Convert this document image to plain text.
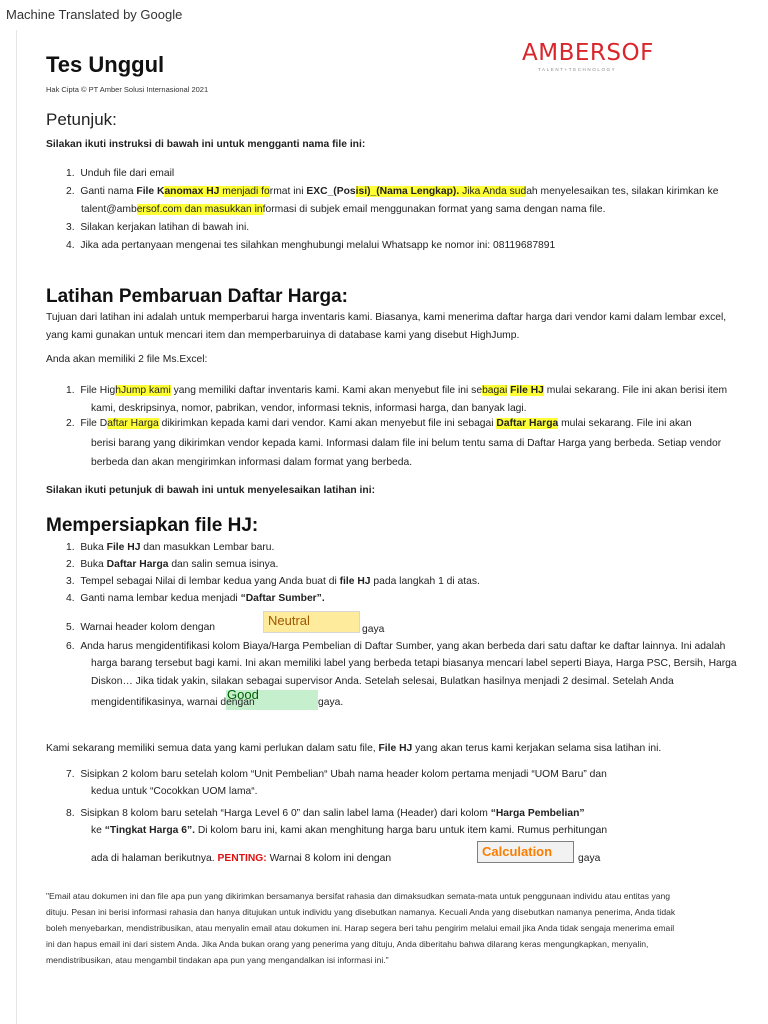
Machine Translated by Google
Tes Unggul
Hak Cipta © PT Amber Solusi Internasional 2021
AMBERSOF
TALENT+TECHNOLOGY
Petunjuk:
Silakan ikuti instruksi di bawah ini untuk mengganti nama file ini:
1.  Unduh file dari email
2.  Ganti nama File Kanomax HJ menjadi format ini EXC_(Posisi)_(Nama Lengkap). Jika Anda sudah menyelesaikan tes, silakan kirimkan ke
talent@ambersof.com dan masukkan informasi di subjek email menggunakan format yang sama dengan nama file.
3.  Silakan kerjakan latihan di bawah ini.
4.  Jika ada pertanyaan mengenai tes silahkan menghubungi melalui Whatsapp ke nomor ini: 08119687891
Latihan Pembaruan Daftar Harga:
Tujuan dari latihan ini adalah untuk memperbarui harga inventaris kami. Biasanya, kami menerima daftar harga dari vendor kami dalam lembar excel,
yang kami gunakan untuk mencari item dan memperbaruinya di database kami yang disebut HighJump.
Anda akan memiliki 2 file Ms.Excel:
1.  File HighJump kami yang memiliki daftar inventaris kami. Kami akan menyebut file ini sebagai File HJ mulai sekarang. File ini akan berisi item
kami, deskripsinya, nomor, pabrikan, vendor, informasi teknis, informasi harga, dan banyak lagi.
2.  File Daftar Harga dikirimkan kepada kami dari vendor. Kami akan menyebut file ini sebagai Daftar Harga mulai sekarang. File ini akan
berisi barang yang dikirimkan vendor kepada kami. Informasi dalam file ini belum tentu sama di Daftar Harga yang berbeda. Setiap vendor
berbeda dan akan mengirimkan informasi dalam format yang berbeda.
Silakan ikuti petunjuk di bawah ini untuk menyelesaikan latihan ini:
Mempersiapkan file HJ:
1.  Buka File HJ dan masukkan Lembar baru.
2.  Buka Daftar Harga dan salin semua isinya.
3.  Tempel sebagai Nilai di lembar kedua yang Anda buat di file HJ pada langkah 1 di atas.
4.  Ganti nama lembar kedua menjadi “Daftar Sumber”.
5.  Warnai header kolom dengan	Neutral
gaya
6.  Anda harus mengidentifikasi kolom Biaya/Harga Pembelian di Daftar Sumber, yang akan berbeda dari satu daftar ke daftar lainnya. Ini adalah
harga barang tersebut bagi kami. Ini akan memiliki label yang berbeda tetapi biasanya mencari label seperti Biaya, Harga PSC, Bersih, Harga
Diskon… Jika tidak yakin, silakan sebagai supervisor Anda. Setelah selesai, Bulatkan hasilnya menjadi 2 desimal. Setelah Anda
Good
mengidentifikasinya, warnai dengan	gaya.
Kami sekarang memiliki semua data yang kami perlukan dalam satu file, File HJ yang akan terus kami kerjakan selama sisa latihan ini.
7.  Sisipkan 2 kolom baru setelah kolom “Unit Pembelian“ Ubah nama header kolom pertama menjadi “UOM Baru” dan
kedua untuk “Cocokkan UOM lama“.
8.  Sisipkan 8 kolom baru setelah “Harga Level 6 0” dan salin label lama (Header) dari kolom “Harga Pembelian”
ke “Tingkat Harga 6”. Di kolom baru ini, kami akan menghitung harga baru untuk item kami. Rumus perhitungan
ada di halaman berikutnya. PENTING: Warnai 8 kolom ini dengan	Calculation	gaya
"Email atau dokumen ini dan file apa pun yang dikirimkan bersamanya bersifat rahasia dan dimaksudkan semata-mata untuk penggunaan individu atau entitas yang
dituju. Pesan ini berisi informasi rahasia dan hanya ditujukan untuk individu yang disebutkan namanya. Kecuali Anda yang disebutkan namanya penerima, Anda tidak
boleh menyebarkan, mendistribusikan, atau menyalin email atau dokumen ini. Harap segera beri tahu pengirim melalui email jika Anda tidak sengaja menerima email
ini dan hapus email ini dari sistem Anda. Jika Anda bukan orang yang penerima yang dituju, Anda diberitahu bahwa dilarang keras mengungkapkan, menyalin,
mendistribusikan, atau mengambil tindakan apa pun yang mengandalkan isi informasi ini."
